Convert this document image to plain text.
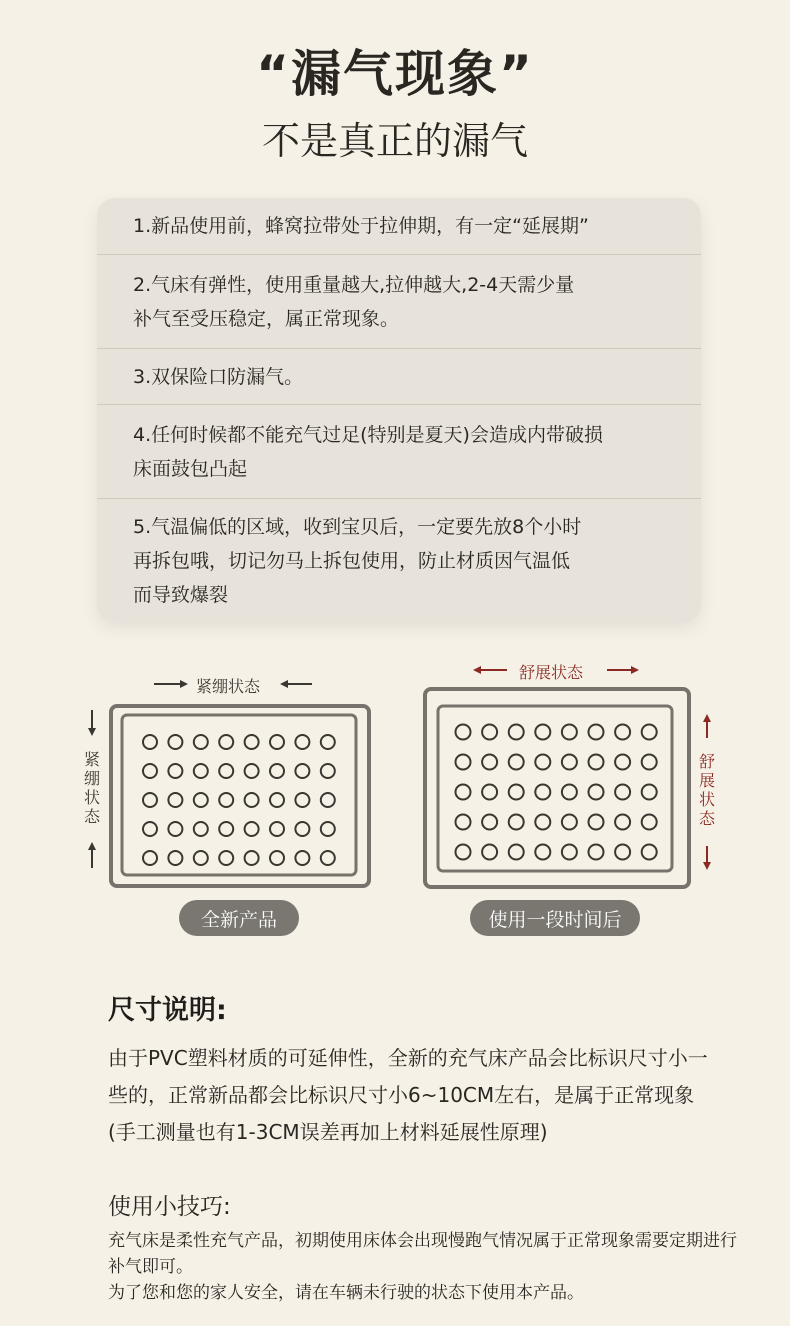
“漏气现象”
不是真正的漏气
1.新品使用前，蜂窝拉带处于拉伸期，有一定“延展期”
2.气床有弹性，使用重量越大,拉伸越大,2-4天需少量
补气至受压稳定，属正常现象。
3.双保险口防漏气。
4.任何时候都不能充气过足(特别是夏天)会造成内带破损
床面鼓包凸起
5.气温偏低的区域，收到宝贝后，一定要先放8个小时
再拆包哦，切记勿马上拆包使用，防止材质因气温低
而导致爆裂
紧绷状态
紧绷状态
全新产品
舒展状态
舒展状态
使用一段时间后
尺寸说明:
由于PVC塑料材质的可延伸性，全新的充气床产品会比标识尺寸小一些的，正常新品都会比标识尺寸小6~10CM左右，是属于正常现象 (手工测量也有1-3CM误差再加上材料延展性原理)
使用小技巧:
充气床是柔性充气产品，初期使用床体会出现慢跑气情况属于正常现象需要定期进行补气即可。
为了您和您的家人安全，请在车辆未行驶的状态下使用本产品。
